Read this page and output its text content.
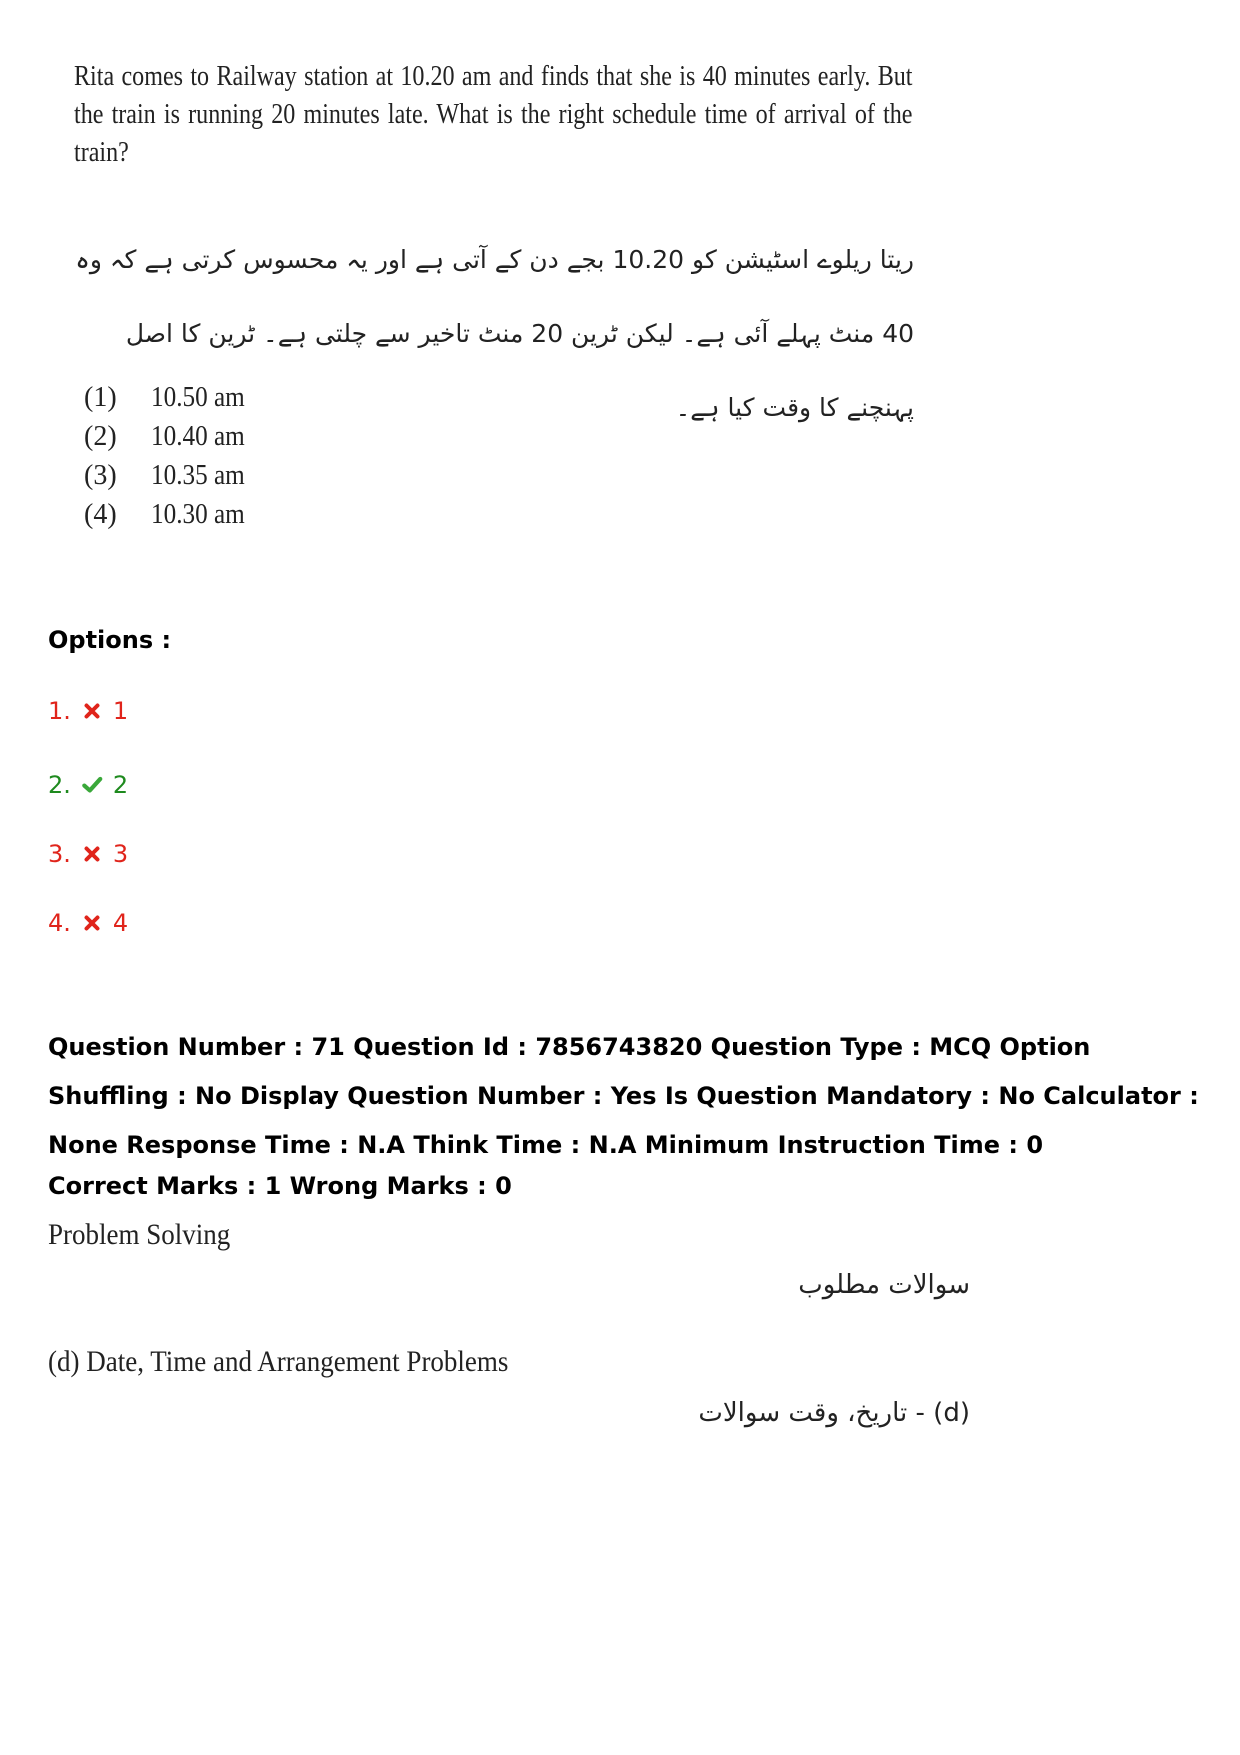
Rita comes to Railway station at 10.20 am and finds that she is 40 minutes early. But the train is running 20 minutes late. What is the right schedule time of arrival of the train?

ریتا ریلوے اسٹیشن کو 10.20 بجے دن کے آتی ہے اور یہ محسوس کرتی ہے کہ وہ 40 منٹ پہلے آئی ہے۔ لیکن ٹرین 20 منٹ تاخیر سے چلتی ہے۔ ٹرین کا اصل پہنچنے کا وقت کیا ہے۔

(1)	10.50 am
(2)	10.40 am
(3)	10.35 am
(4)	10.30 am
Options :
1. 1
2. 2
3. 3
4. 4
Question Number : 71 Question Id : 7856743820 Question Type : MCQ Option Shuffling : No Display Question Number : Yes Is Question Mandatory : No Calculator : None Response Time : N.A Think Time : N.A Minimum Instruction Time : 0
Correct Marks : 1 Wrong Marks : 0
Problem Solving
سوالات مطلوب
(d) Date, Time and Arrangement Problems
(d) - تاریخ، وقت سوالات
